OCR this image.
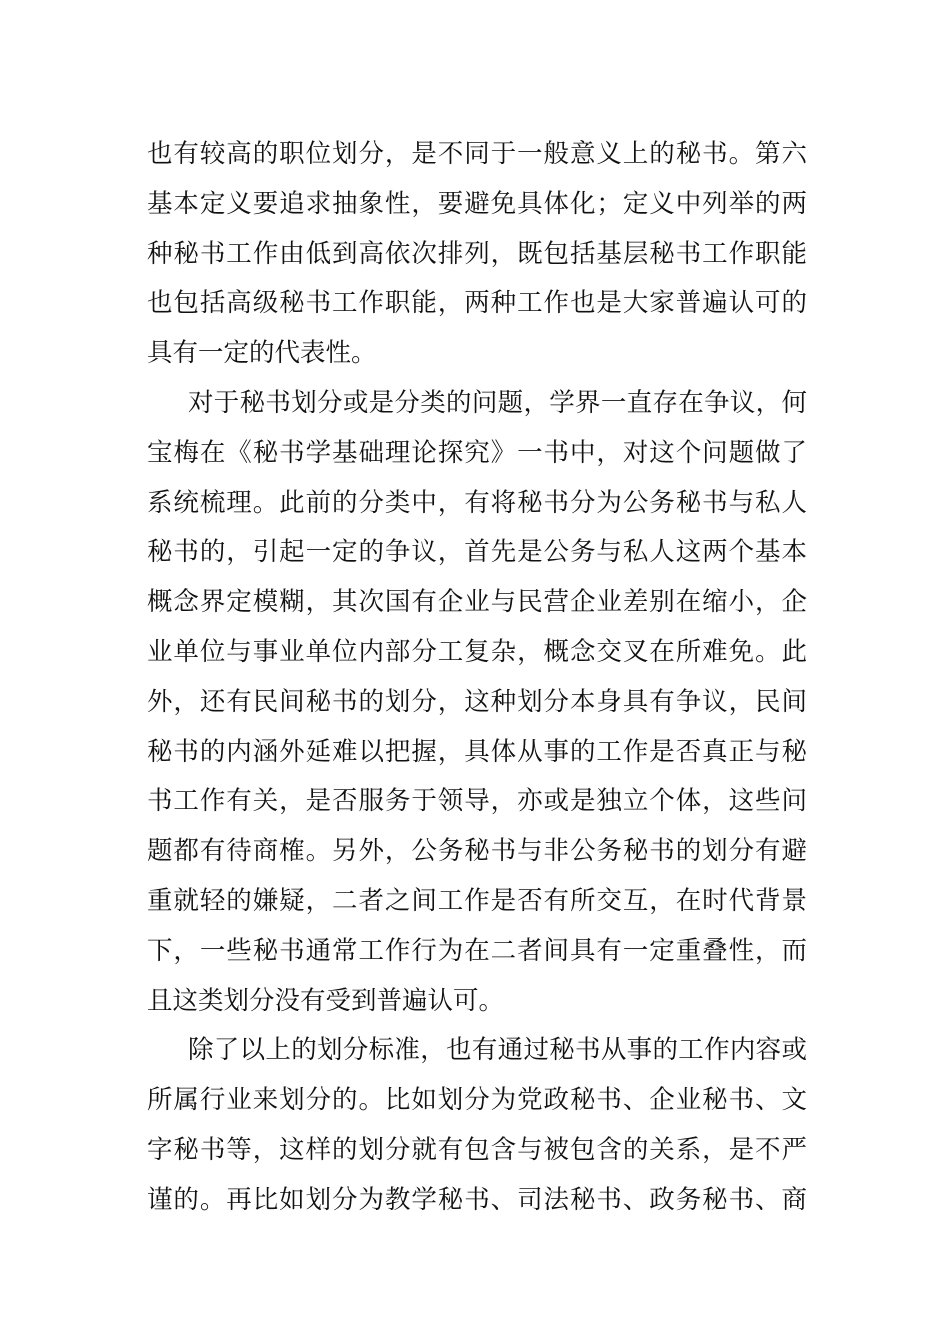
也有较高的职位划分，是不同于一般意义上的秘书。第六
基本定义要追求抽象性，要避免具体化；定义中列举的两
种秘书工作由低到高依次排列，既包括基层秘书工作职能
也包括高级秘书工作职能，两种工作也是大家普遍认可的
具有一定的代表性。
对于秘书划分或是分类的问题，学界一直存在争议，何
宝梅在《秘书学基础理论探究》一书中，对这个问题做了
系统梳理。此前的分类中，有将秘书分为公务秘书与私人
秘书的，引起一定的争议，首先是公务与私人这两个基本
概念界定模糊，其次国有企业与民营企业差别在缩小，企
业单位与事业单位内部分工复杂，概念交叉在所难免。此
外，还有民间秘书的划分，这种划分本身具有争议，民间
秘书的内涵外延难以把握，具体从事的工作是否真正与秘
书工作有关，是否服务于领导，亦或是独立个体，这些问
题都有待商榷。另外，公务秘书与非公务秘书的划分有避
重就轻的嫌疑，二者之间工作是否有所交互，在时代背景
下，一些秘书通常工作行为在二者间具有一定重叠性，而
且这类划分没有受到普遍认可。
除了以上的划分标准，也有通过秘书从事的工作内容或
所属行业来划分的。比如划分为党政秘书、企业秘书、文
字秘书等，这样的划分就有包含与被包含的关系，是不严
谨的。再比如划分为教学秘书、司法秘书、政务秘书、商
